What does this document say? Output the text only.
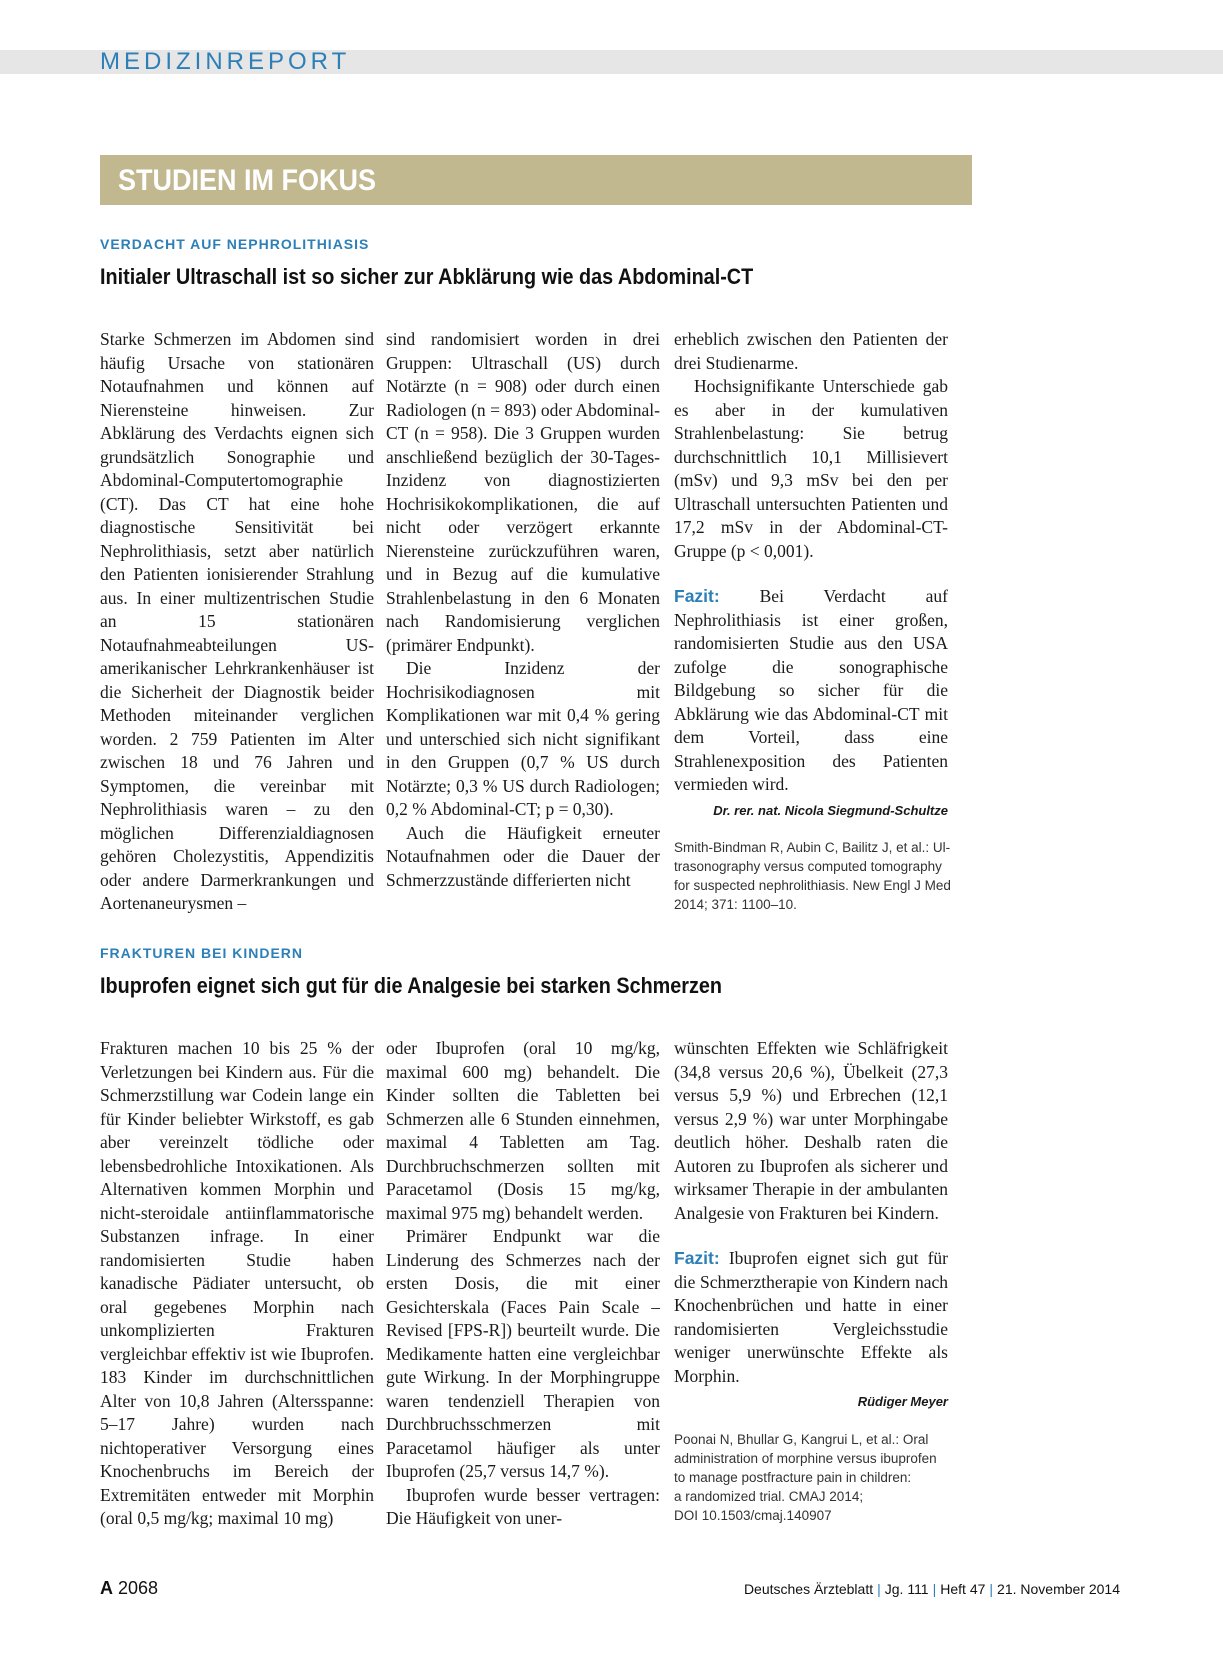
MEDIZINREPORT
STUDIEN IM FOKUS
VERDACHT AUF NEPHROLITHIASIS
Initialer Ultraschall ist so sicher zur Abklärung wie das Abdominal-CT

Starke Schmerzen im Abdomen sind häufig Ursache von stationären Notaufnahmen und können auf Nierensteine hinweisen. Zur Abklärung des Verdachts eignen sich grundsätzlich Sonographie und Abdominal-Computertomographie (CT). Das CT hat eine hohe diagnostische Sensitivität bei Nephrolithiasis, setzt aber natürlich den Patienten ionisierender Strahlung aus. In einer multizentrischen Studie an 15 stationären Notaufnahmeabteilungen US-amerikanischer Lehrkrankenhäuser ist die Sicherheit der Diagnostik beider Methoden miteinander verglichen worden. 2 759 Patienten im Alter zwischen 18 und 76 Jahren und Symptomen, die vereinbar mit Nephrolithiasis waren – zu den möglichen Differenzialdiagnosen gehören Cholezystitis, Appendizitis oder andere Darmerkrankungen und Aortenaneurysmen –

sind randomisiert worden in drei Gruppen: Ultraschall (US) durch Notärzte (n = 908) oder durch einen Radiologen (n = 893) oder Abdominal-CT (n = 958). Die 3 Gruppen wurden anschließend bezüglich der 30-Tages-Inzidenz von diagnostizierten Hochrisikokomplikationen, die auf nicht oder verzögert erkannte Nierensteine zurückzuführen waren, und in Bezug auf die kumulative Strahlenbelastung in den 6 Monaten nach Randomisierung verglichen (primärer Endpunkt).

Die Inzidenz der Hochrisikodiagnosen mit Komplikationen war mit 0,4 % gering und unterschied sich nicht signifikant in den Gruppen (0,7 % US durch Notärzte; 0,3 % US durch Radiologen; 0,2 % Abdominal-CT; p = 0,30).

Auch die Häufigkeit erneuter Notaufnahmen oder die Dauer der Schmerzzustände differierten nicht

erheblich zwischen den Patienten der drei Studienarme.

Hochsignifikante Unterschiede gab es aber in der kumulativen Strahlenbelastung: Sie betrug durchschnittlich 10,1 Millisievert (mSv) und 9,3 mSv bei den per Ultraschall untersuchten Patienten und 17,2 mSv in der Abdominal-CT-Gruppe (p < 0,001).

Fazit: Bei Verdacht auf Nephrolithiasis ist einer großen, randomisierten Studie aus den USA zufolge die sonographische Bildgebung so sicher für die Abklärung wie das Abdominal-CT mit dem Vorteil, dass eine Strahlenexposition des Patienten vermieden wird.

Dr. rer. nat. Nicola Siegmund-Schultze
Smith-Bindman R, Aubin C, Bailitz J, et al.: Ul-
trasonography versus computed tomography
for suspected nephrolithiasis. New Engl J Med
2014; 371: 1100–10.
FRAKTUREN BEI KINDERN
Ibuprofen eignet sich gut für die Analgesie bei starken Schmerzen

Frakturen machen 10 bis 25 % der Verletzungen bei Kindern aus. Für die Schmerzstillung war Codein lange ein für Kinder beliebter Wirkstoff, es gab aber vereinzelt tödliche oder lebensbedrohliche Intoxikationen. Als Alternativen kommen Morphin und nicht-steroidale antiinflammatorische Substanzen infrage. In einer randomisierten Studie haben kanadische Pädiater untersucht, ob oral gegebenes Morphin nach unkomplizierten Frakturen vergleichbar effektiv ist wie Ibuprofen. 183 Kinder im durchschnittlichen Alter von 10,8 Jahren (Altersspanne: 5–17 Jahre) wurden nach nichtoperativer Versorgung eines Knochenbruchs im Bereich der Extremitäten entweder mit Morphin (oral 0,5 mg/kg; maximal 10 mg)

oder Ibuprofen (oral 10 mg/kg, maximal 600 mg) behandelt. Die Kinder sollten die Tabletten bei Schmerzen alle 6 Stunden einnehmen, maximal 4 Tabletten am Tag. Durchbruchschmerzen sollten mit Paracetamol (Dosis 15 mg/kg, maximal 975 mg) behandelt werden.

Primärer Endpunkt war die Linderung des Schmerzes nach der ersten Dosis, die mit einer Gesichterskala (Faces Pain Scale – Revised [FPS-R]) beurteilt wurde. Die Medikamente hatten eine vergleichbar gute Wirkung. In der Morphingruppe waren tendenziell Therapien von Durchbruchsschmerzen mit Paracetamol häufiger als unter Ibuprofen (25,7 versus 14,7 %).

Ibuprofen wurde besser vertragen: Die Häufigkeit von uner-

wünschten Effekten wie Schläfrigkeit (34,8 versus 20,6 %), Übelkeit (27,3 versus 5,9 %) und Erbrechen (12,1 versus 2,9 %) war unter Morphingabe deutlich höher. Deshalb raten die Autoren zu Ibuprofen als sicherer und wirksamer Therapie in der ambulanten Analgesie von Frakturen bei Kindern.

Fazit: Ibuprofen eignet sich gut für die Schmerztherapie von Kindern nach Knochenbrüchen und hatte in einer randomisierten Vergleichsstudie weniger unerwünschte Effekte als Morphin.

Rüdiger Meyer
Poonai N, Bhullar G, Kangrui L, et al.: Oral
administration of morphine versus ibuprofen
to manage postfracture pain in children:
a randomized trial. CMAJ 2014;
DOI 10.1503/cmaj.140907
A 2068	Deutsches Ärzteblatt | Jg. 111 | Heft 47 | 21. November 2014
